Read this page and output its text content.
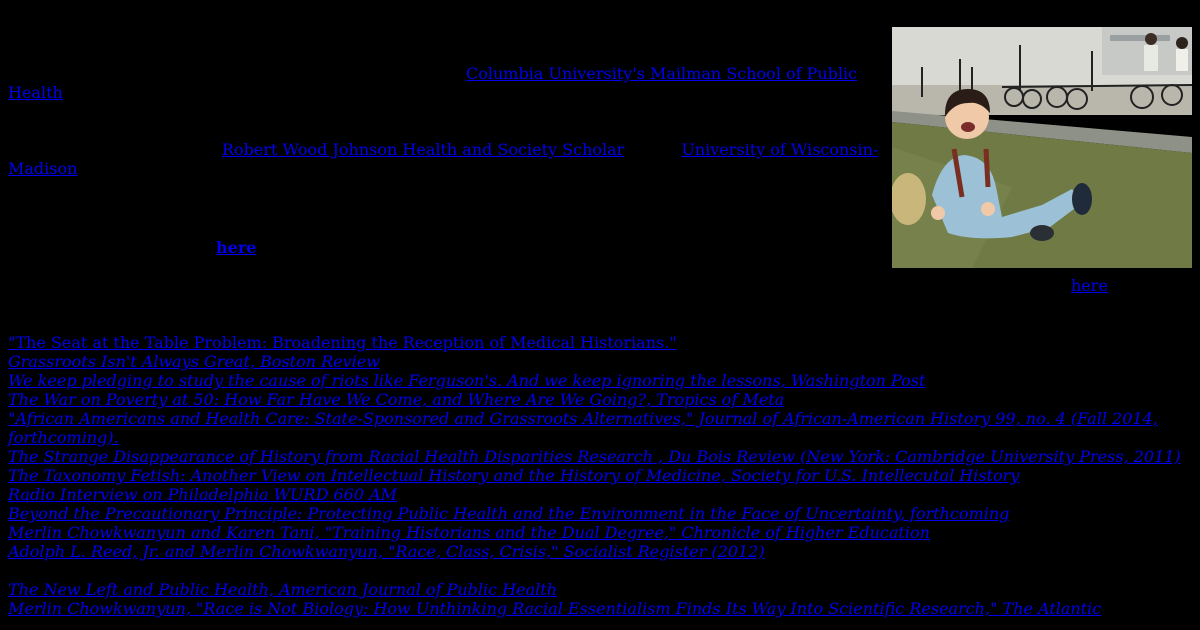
Columbia University's Mailman School of Public Health
Robert Wood Johnson Health and Society Scholar	University of Wisconsin-Madison
here
here
"The Seat at the Table Problem: Broadening the Reception of Medical Historians."
Grassroots Isn't Always Great, Boston Review
We keep pledging to study the cause of riots like Ferguson's. And we keep ignoring the lessons, Washington Post
The War on Poverty at 50: How Far Have We Come, and Where Are We Going?, Tropics of Meta
"African Americans and Health Care: State-Sponsored and Grassroots Alternatives," Journal of African-American History 99, no. 4 (Fall 2014, forthcoming).
The Strange Disappearance of History from Racial Health Disparities Research , Du Bois Review (New York: Cambridge University Press, 2011)
The Taxonomy Fetish: Another View on Intellectual History and the History of Medicine, Society for U.S. Intellecutal History
Radio Interview on Philadelphia WURD 660 AM
Beyond the Precautionary Principle: Protecting Public Health and the Environment in the Face of Uncertainty, forthcoming
Merlin Chowkwanyun and Karen Tani, "Training Historians and the Dual Degree," Chronicle of Higher Education
Adolph L. Reed, Jr. and Merlin Chowkwanyun, "Race, Class, Crisis," Socialist Register (2012)
The New Left and Public Health, American Journal of Public Health
Merlin Chowkwanyun, "Race is Not Biology: How Unthinking Racial Essentialism Finds Its Way Into Scientific Research," The Atlantic
